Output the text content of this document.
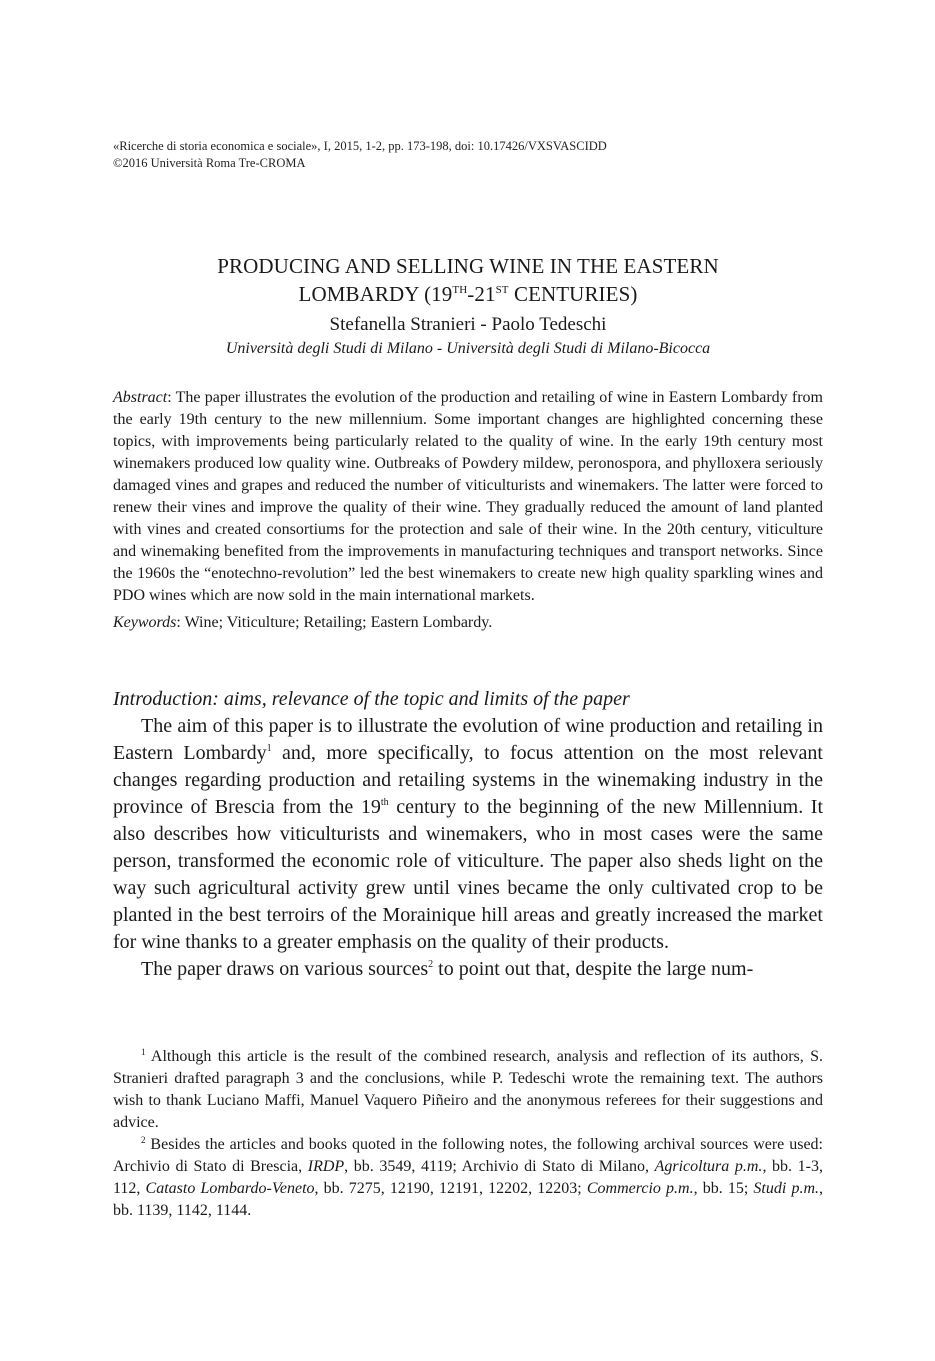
«Ricerche di storia economica e sociale», I, 2015, 1-2, pp. 173-198, doi: 10.17426/VXSVASCIDD
©2016 Università Roma Tre-CROMA
PRODUCING AND SELLING WINE IN THE EASTERN
LOMBARDY (19TH-21ST CENTURIES)
Stefanella Stranieri - Paolo Tedeschi
Università degli Studi di Milano - Università degli Studi di Milano-Bicocca

Abstract: The paper illustrates the evolution of the production and retailing of wine in Eastern Lombardy from the early 19th century to the new millennium. Some important changes are highlighted concerning these topics, with improvements being particularly related to the quality of wine. In the early 19th century most winemakers produced low quality wine. Outbreaks of Powdery mildew, peronospora, and phylloxera seriously damaged vines and grapes and reduced the number of viticulturists and winemakers. The latter were forced to renew their vines and improve the quality of their wine. They gradually reduced the amount of land planted with vines and created consortiums for the protection and sale of their wine. In the 20th century, viticulture and winemaking benefited from the improvements in manufacturing techniques and transport networks. Since the 1960s the “enotechno-revolution” led the best winemakers to create new high quality sparkling wines and PDO wines which are now sold in the main international markets.

Keywords: Wine; Viticulture; Retailing; Eastern Lombardy.

Introduction: aims, relevance of the topic and limits of the paper

The aim of this paper is to illustrate the evolution of wine production and retailing in Eastern Lombardy$^1$ and, more specifically, to focus attention on the most relevant changes regarding production and retailing systems in the winemaking industry in the province of Brescia from the 19th century to the beginning of the new Millennium. It also describes how viticulturists and winemakers, who in most cases were the same person, transformed the economic role of viticulture. The paper also sheds light on the way such agricultural activity grew until vines became the only cultivated crop to be planted in the best terroirs of the Morainique hill areas and greatly increased the market for wine thanks to a greater emphasis on the quality of their products.

The paper draws on various sources$^2$ to point out that, despite the large num-

$^1$ Although this article is the result of the combined research, analysis and reflection of its authors, S. Stranieri drafted paragraph 3 and the conclusions, while P. Tedeschi wrote the remaining text. The authors wish to thank Luciano Maffi, Manuel Vaquero Piñeiro and the anonymous referees for their suggestions and advice.

$^2$ Besides the articles and books quoted in the following notes, the following archival sources were used: Archivio di Stato di Brescia, IRDP, bb. 3549, 4119; Archivio di Stato di Milano, Agricoltura p.m., bb. 1-3, 112, Catasto Lombardo-Veneto, bb. 7275, 12190, 12191, 12202, 12203; Commercio p.m., bb. 15; Studi p.m., bb. 1139, 1142, 1144.
